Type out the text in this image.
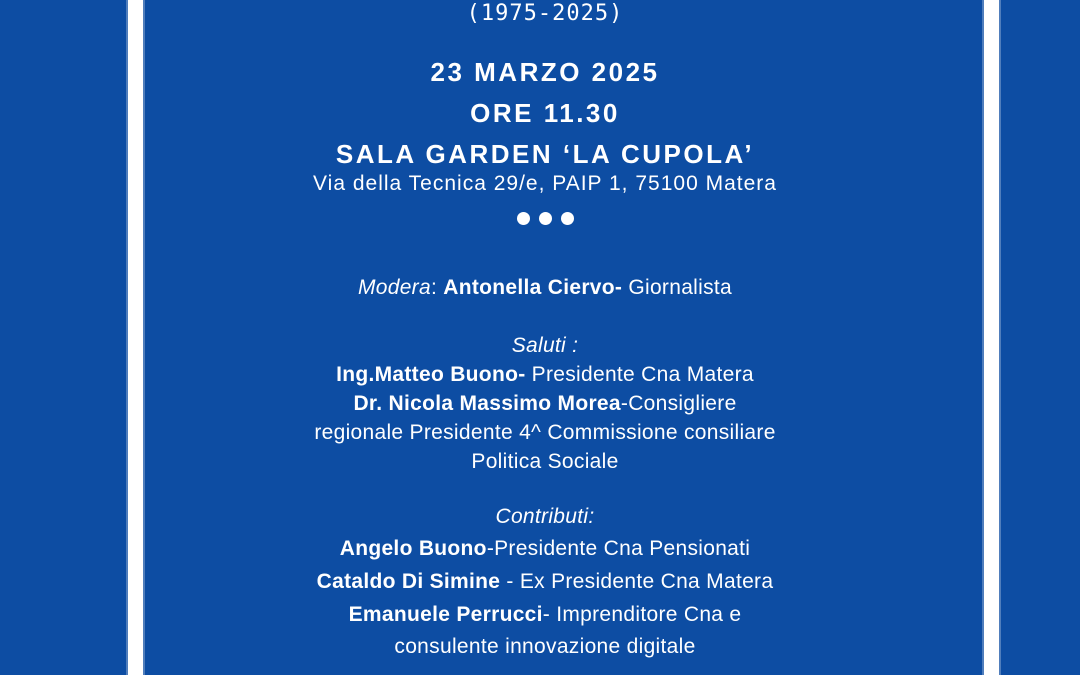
(1975-2025)
23 MARZO 2025
ORE 11.30
SALA GARDEN ‘LA CUPOLA’
Via della Tecnica 29/e, PAIP 1, 75100 Matera
Modera: Antonella Ciervo- Giornalista
Saluti :
Ing.Matteo Buono- Presidente Cna Matera
Dr. Nicola Massimo Morea-Consigliere
regionale Presidente 4^ Commissione consiliare
Politica Sociale
Contributi:
Angelo Buono-Presidente Cna Pensionati
Cataldo Di Simine - Ex Presidente Cna Matera
Emanuele Perrucci- Imprenditore Cna e
consulente innovazione digitale
